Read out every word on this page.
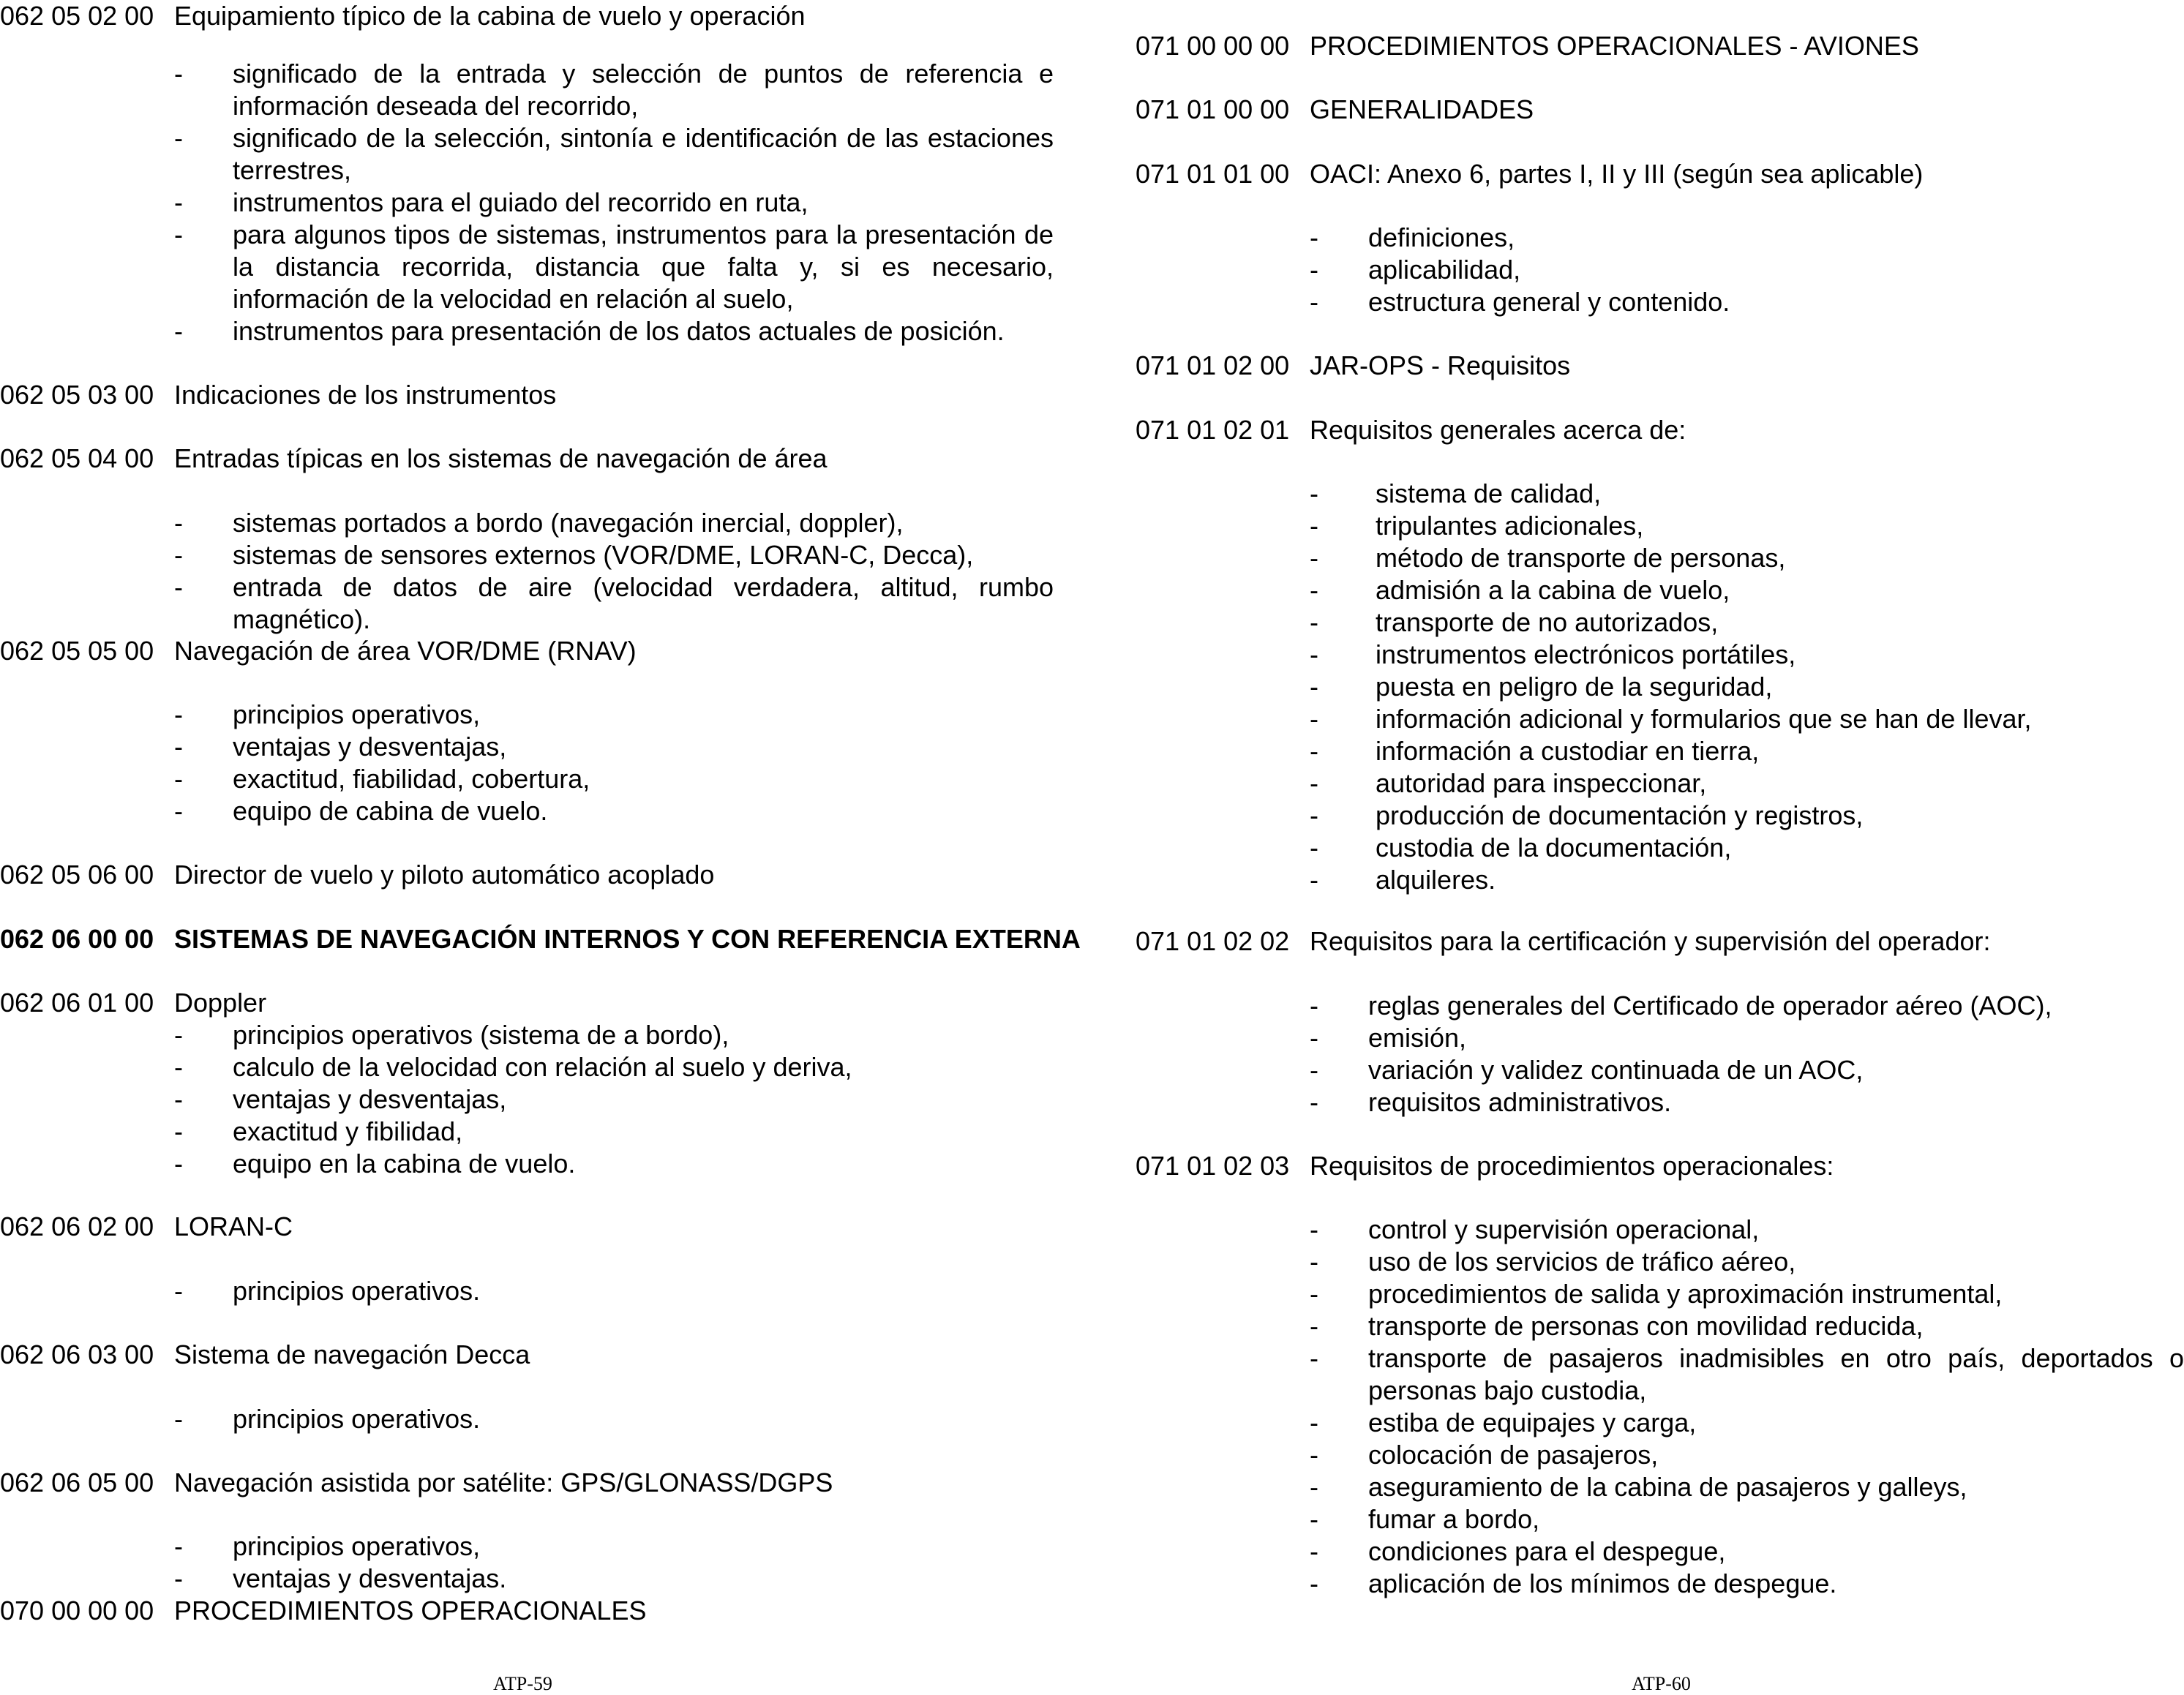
062 05 02 00 Equipamiento típico de la cabina de vuelo y operación
- significado de la entrada y selección de puntos de referencia e información deseada del recorrido,
- significado de la selección, sintonía e identificación de las estaciones terrestres,
- instrumentos para el guiado del recorrido en ruta,
- para algunos tipos de sistemas, instrumentos para la presentación de la distancia recorrida, distancia que falta y, si es necesario, información de la velocidad en relación al suelo,
- instrumentos para presentación de los datos actuales de posición.
062 05 03 00 Indicaciones de los instrumentos
062 05 04 00 Entradas típicas en los sistemas de navegación de área
- sistemas portados a bordo (navegación inercial, doppler),
- sistemas de sensores externos (VOR/DME, LORAN-C, Decca),
- entrada de datos de aire (velocidad verdadera, altitud, rumbo magnético).
062 05 05 00 Navegación de área VOR/DME (RNAV)
- principios operativos,
- ventajas y desventajas,
- exactitud, fiabilidad, cobertura,
- equipo de cabina de vuelo.
062 05 06 00 Director de vuelo y piloto automático acoplado
062 06 00 00 SISTEMAS DE NAVEGACIÓN INTERNOS Y CON REFERENCIA EXTERNA
062 06 01 00 Doppler
- principios operativos (sistema de a bordo),
- calculo de la velocidad con relación al suelo y deriva,
- ventajas y desventajas,
- exactitud y fibilidad,
- equipo en la cabina de vuelo.
062 06 02 00 LORAN-C
- principios operativos.
062 06 03 00 Sistema de navegación Decca
- principios operativos.
062 06 05 00 Navegación asistida por satélite: GPS/GLONASS/DGPS
- principios operativos,
- ventajas y desventajas.
070 00 00 00 PROCEDIMIENTOS OPERACIONALES
ATP-59
071 00 00 00 PROCEDIMIENTOS OPERACIONALES - AVIONES
071 01 00 00 GENERALIDADES
071 01 01 00 OACI: Anexo 6, partes I, II y III (según sea aplicable)
- definiciones,
- aplicabilidad,
- estructura general y contenido.
071 01 02 00 JAR-OPS - Requisitos
071 01 02 01 Requisitos generales acerca de:
- sistema de calidad,
- tripulantes adicionales,
- método de transporte de personas,
- admisión a la cabina de vuelo,
- transporte de no autorizados,
- instrumentos electrónicos portátiles,
- puesta en peligro de la seguridad,
- información adicional y formularios que se han de llevar,
- información a custodiar en tierra,
- autoridad para inspeccionar,
- producción de documentación y registros,
- custodia de la documentación,
- alquileres.
071 01 02 02 Requisitos para la certificación y supervisión del operador:
- reglas generales del Certificado de operador aéreo (AOC),
- emisión,
- variación y validez continuada de un AOC,
- requisitos administrativos.
071 01 02 03 Requisitos de procedimientos operacionales:
- control y supervisión operacional,
- uso de los servicios de tráfico aéreo,
- procedimientos de salida y aproximación instrumental,
- transporte de personas con movilidad reducida,
- transporte de pasajeros inadmisibles en otro país, deportados o personas bajo custodia,
- estiba de equipajes y carga,
- colocación de pasajeros,
- aseguramiento de la cabina de pasajeros y galleys,
- fumar a bordo,
- condiciones para el despegue,
- aplicación de los mínimos de despegue.
ATP-60
